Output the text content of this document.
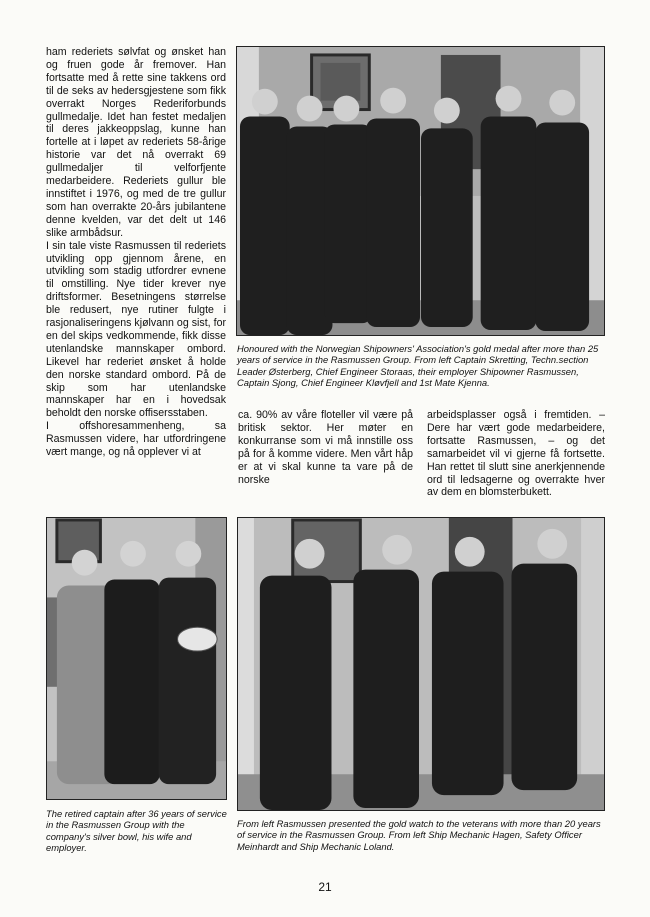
ham rederiets sølvfat og ønsket han og fruen gode år fremover. Han fortsatte med å rette sine takkens ord til de seks av hedersgjestene som fikk overrakt Norges Rederiforbunds gullmedalje. Idet han festet medaljen til deres jakkeoppslag, kunne han fortelle at i løpet av rederiets 58-årige historie var det nå overrakt 69 gullmedaljer til velforfjente medarbeidere. Rederiets gullur ble innstiftet i 1976, og med de tre gullur som han overrakte 20-års jubilantene denne kvelden, var det delt ut 146 slike armbådsur.

I sin tale viste Rasmussen til rederiets utvikling opp gjennom årene, en utvikling som stadig utfordrer evnene til omstilling. Nye tider krever nye driftsformer. Besetningens størrelse ble redusert, nye rutiner fulgte i rasjonaliseringens kjølvann og sist, for en del skips vedkommende, fikk disse utenlandske mannskaper ombord. Likevel har rederiet ønsket å holde den norske standard ombord. På de skip som har utenlandske mannskaper har en i hovedsak beholdt den norske offisersstaben.

I offshoresammenheng, sa Rasmussen videre, har utfordringene vært mange, og nå opplever vi at

Honoured with the Norwegian Shipowners' Association's gold medal after more than 25 years of service in the Rasmussen Group. From left Captain Skretting, Techn.section Leader Østerberg, Chief Engineer Storaas, their employer Shipowner Rasmussen, Captain Sjong, Chief Engineer Kløvfjell and 1st Mate Kjenna.

ca. 90% av våre floteller vil være på britisk sektor. Her møter en konkurranse som vi må innstille oss på for å komme videre. Men vårt håp er at vi skal kunne ta vare på de norske

arbeidsplasser også i fremtiden. – Dere har vært gode medarbeidere, fortsatte Rasmussen, – og det samarbeidet vil vi gjerne få fortsette. Han rettet til slutt sine anerkjennende ord til ledsagerne og overrakte hver av dem en blomsterbukett.

The retired captain after 36 years of service in the Rasmussen Group with the company's silver bowl, his wife and employer.
From left Rasmussen presented the gold watch to the veterans with more than 20 years of service in the Rasmussen Group. From left Ship Mechanic Hagen, Safety Officer Meinhardt and Ship Mechanic Loland.
21
